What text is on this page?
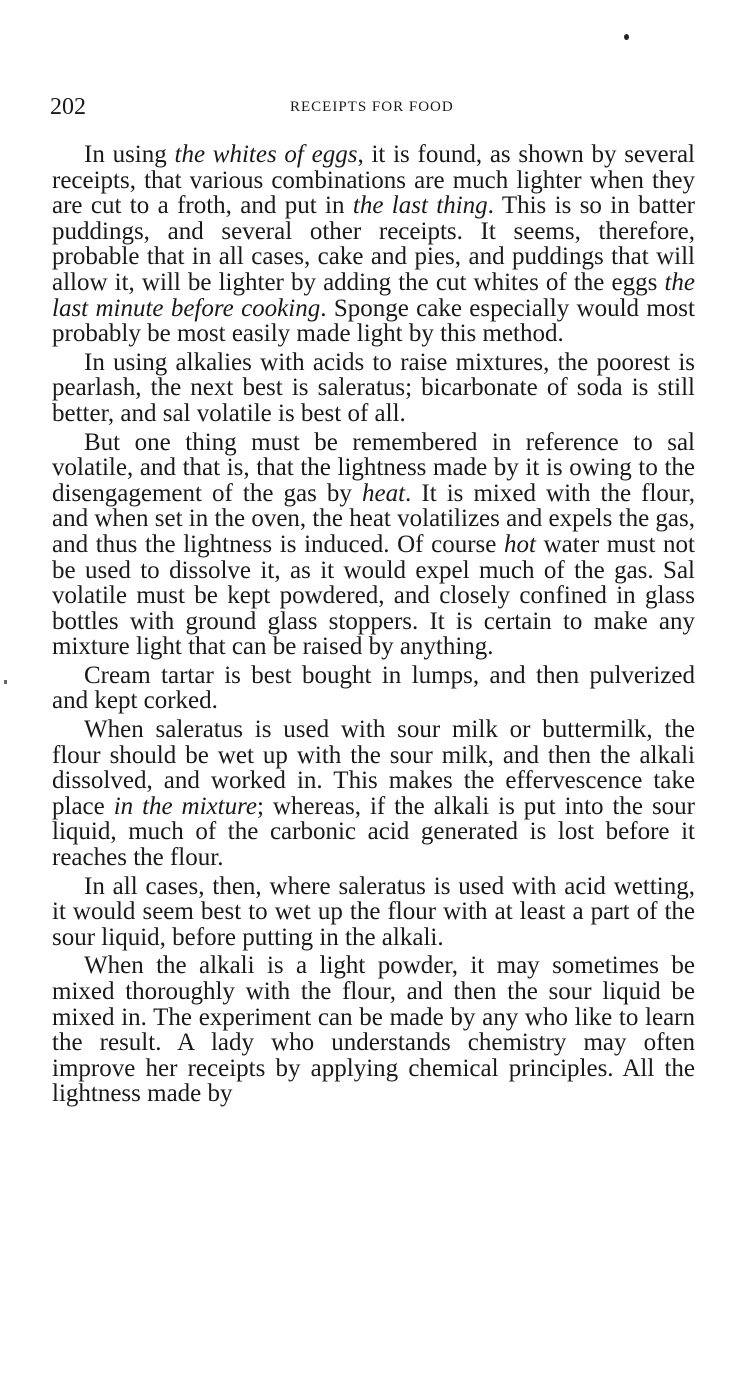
202	RECEIPTS FOR FOOD

In using the whites of eggs, it is found, as shown by several receipts, that various combinations are much lighter when they are cut to a froth, and put in the last thing. This is so in batter puddings, and several other receipts. It seems, therefore, probable that in all cases, cake and pies, and puddings that will allow it, will be lighter by adding the cut whites of the eggs the last minute before cooking. Sponge cake especially would most probably be most easily made light by this method.

In using alkalies with acids to raise mixtures, the poorest is pearlash, the next best is saleratus; bicarbonate of soda is still better, and sal volatile is best of all.

But one thing must be remembered in reference to sal volatile, and that is, that the lightness made by it is owing to the disengagement of the gas by heat. It is mixed with the flour, and when set in the oven, the heat volatilizes and expels the gas, and thus the lightness is induced. Of course hot water must not be used to dissolve it, as it would expel much of the gas. Sal volatile must be kept powdered, and closely confined in glass bottles with ground glass stoppers. It is certain to make any mixture light that can be raised by anything.

Cream tartar is best bought in lumps, and then pulverized and kept corked.

When saleratus is used with sour milk or buttermilk, the flour should be wet up with the sour milk, and then the alkali dissolved, and worked in. This makes the effervescence take place in the mixture; whereas, if the alkali is put into the sour liquid, much of the carbonic acid generated is lost before it reaches the flour.

In all cases, then, where saleratus is used with acid wetting, it would seem best to wet up the flour with at least a part of the sour liquid, before putting in the alkali.

When the alkali is a light powder, it may sometimes be mixed thoroughly with the flour, and then the sour liquid be mixed in. The experiment can be made by any who like to learn the result. A lady who understands chemistry may often improve her receipts by applying chemical principles. All the lightness made by
